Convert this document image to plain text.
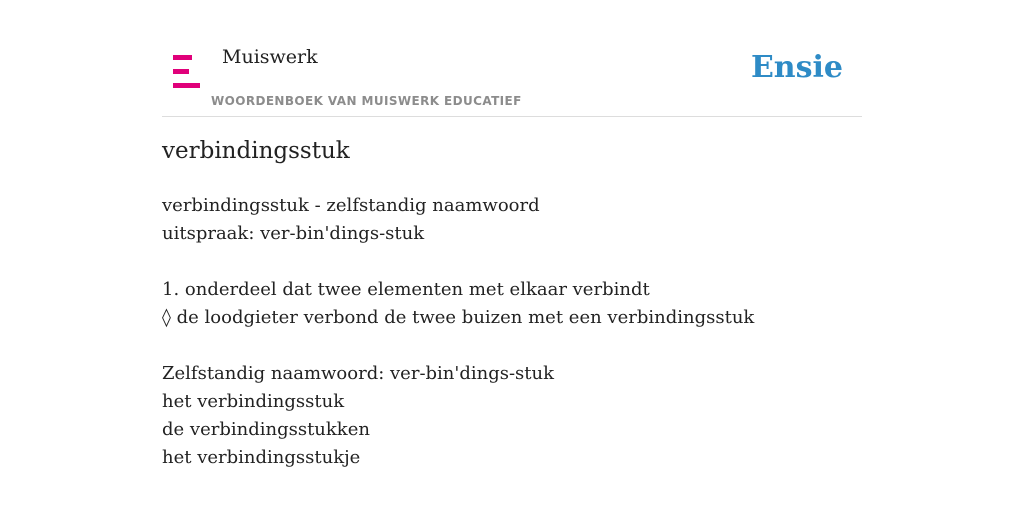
Muiswerk
WOORDENBOEK VAN MUISWERK EDUCATIEF
Ensie
verbindingsstuk
verbindingsstuk - zelfstandig naamwoord
uitspraak: ver-bin'dings-stuk
1. onderdeel dat twee elementen met elkaar verbindt
◊ de loodgieter verbond de twee buizen met een verbindingsstuk
Zelfstandig naamwoord: ver-bin'dings-stuk
het verbindingsstuk
de verbindingsstukken
het verbindingsstukje
